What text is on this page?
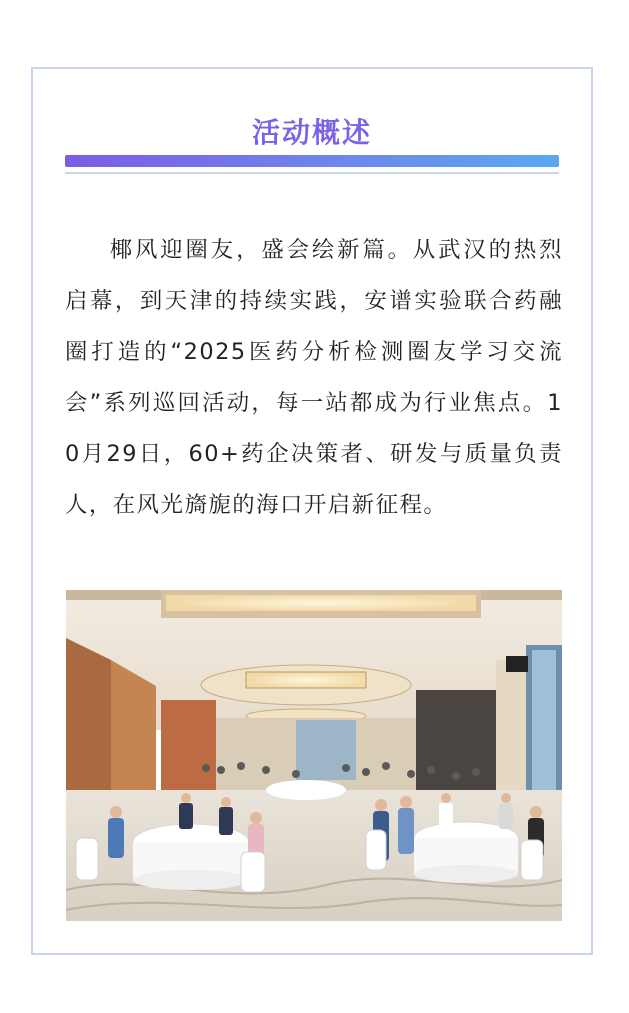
活动概述

椰风迎圈友，盛会绘新篇。从武汉的热烈启幕，到天津的持续实践，安谱实验联合药融圈打造的“2025医药分析检测圈友学习交流会”系列巡回活动，每一站都成为行业焦点。10月29日，60+药企决策者、研发与质量负责人，在风光旖旎的海口开启新征程。
